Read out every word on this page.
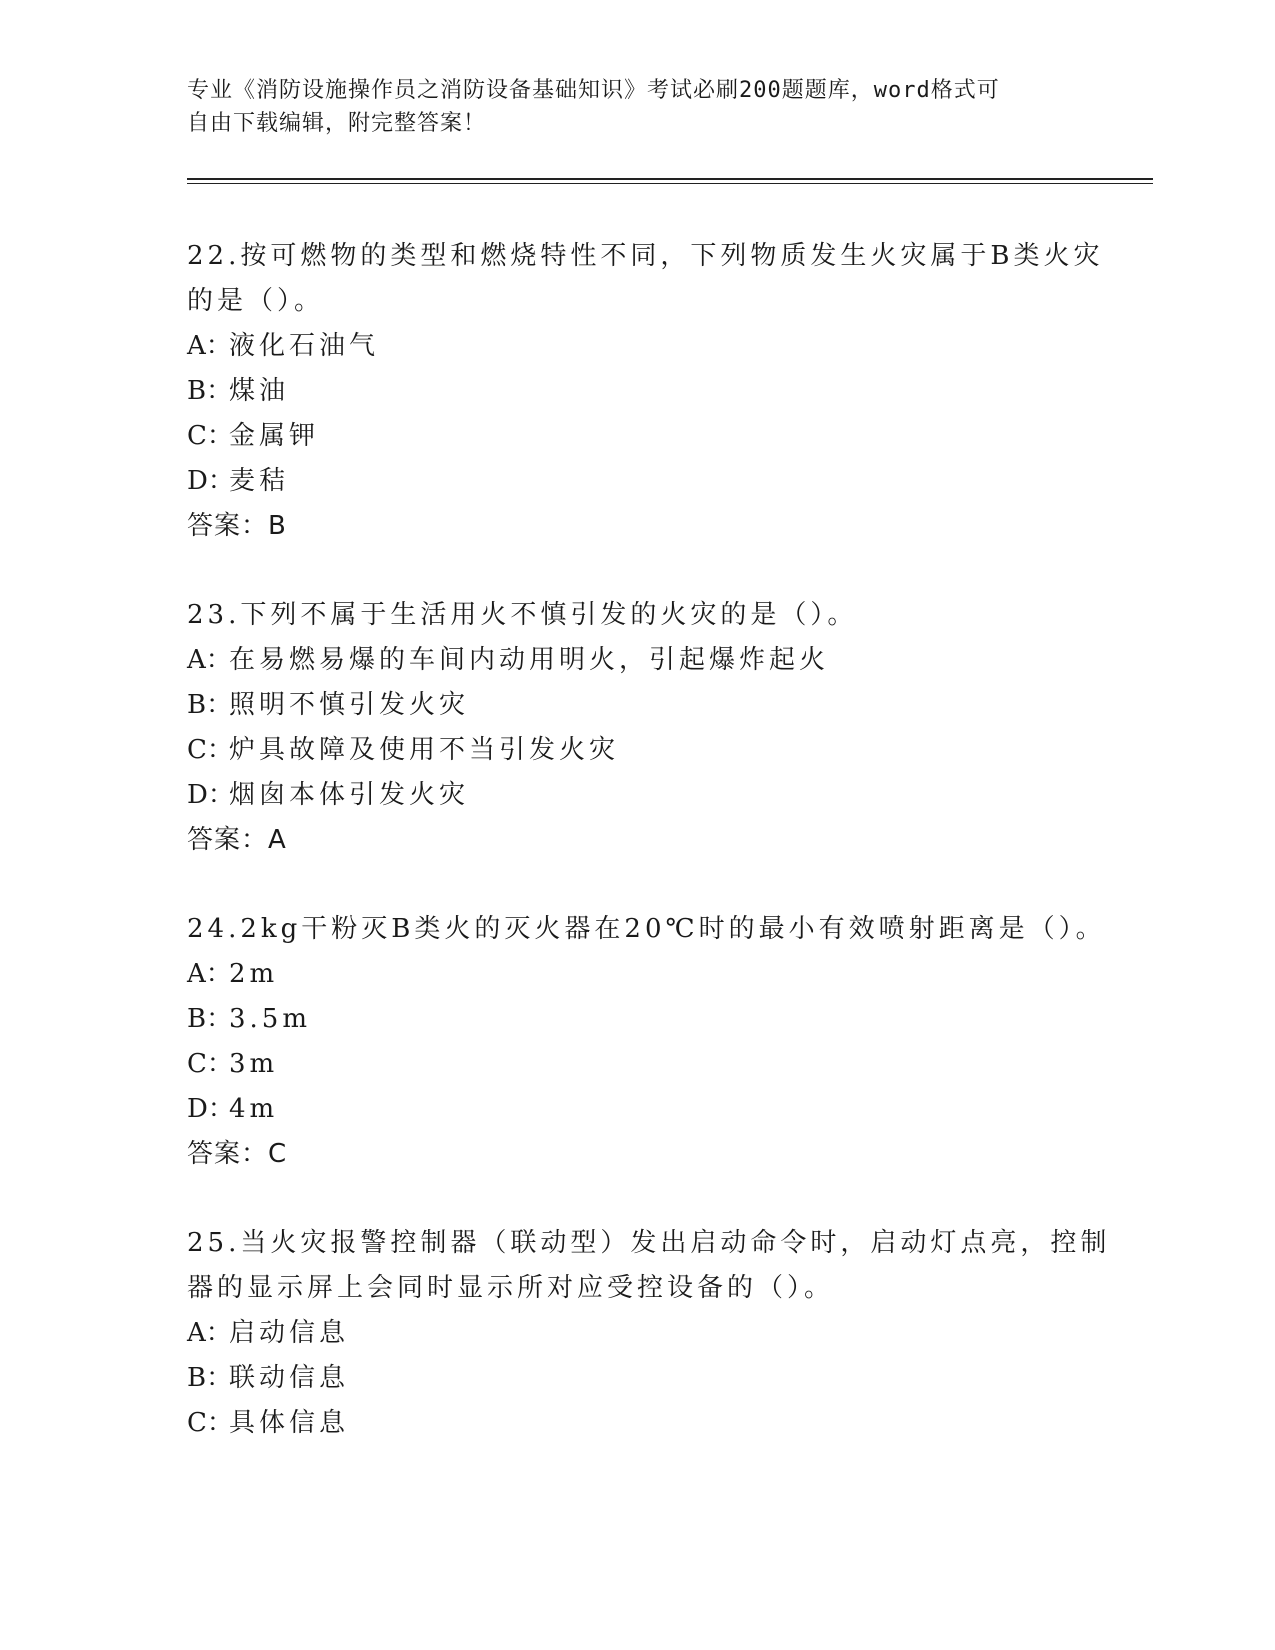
专业《消防设施操作员之消防设备基础知识》考试必刷200题题库，word格式可
自由下载编辑，附完整答案！
22.按可燃物的类型和燃烧特性不同，下列物质发生火灾属于B类火灾
的是（）。
A：液化石油气
B：煤油
C：金属钾
D：麦秸
答案：B
23.下列不属于生活用火不慎引发的火灾的是（）。
A：在易燃易爆的车间内动用明火，引起爆炸起火
B：照明不慎引发火灾
C：炉具故障及使用不当引发火灾
D：烟囱本体引发火灾
答案：A
24.2kg干粉灭B类火的灭火器在20℃时的最小有效喷射距离是（）。
A：2m
B：3.5m
C：3m
D：4m
答案：C
25.当火灾报警控制器（联动型）发出启动命令时，启动灯点亮，控制
器的显示屏上会同时显示所对应受控设备的（）。
A：启动信息
B：联动信息
C：具体信息
